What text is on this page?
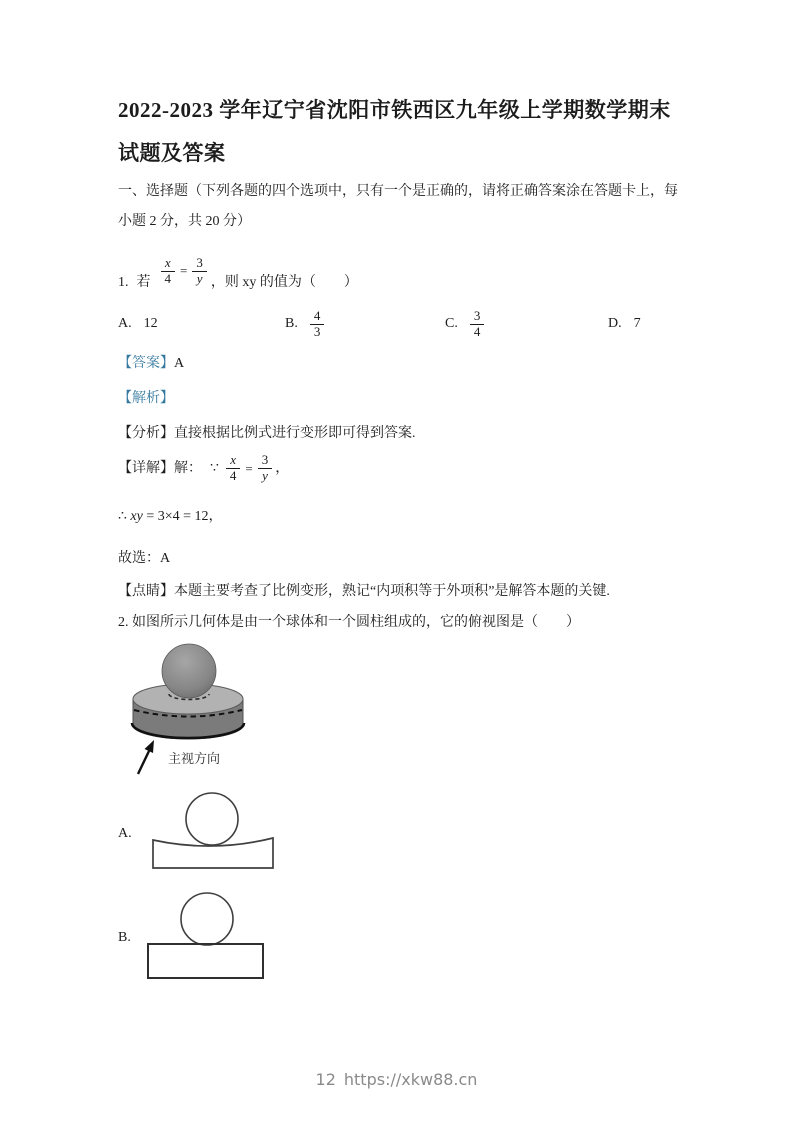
2022-2023 学年辽宁省沈阳市铁西区九年级上学期数学期末
试题及答案
一、选择题（下列各题的四个选项中，只有一个是正确的，请将正确答案涂在答题卡上，每
小题 2 分，共 20 分）
1. 若 $\frac{x}{4} = \frac{3}{y}$ ，则 xy 的值为（　　）
A. 12	B. $\frac{4}{3}$	C. $\frac{3}{4}$	D. 7
【答案】A
【解析】
【分析】直接根据比例式进行变形即可得到答案.
【详解】 解： ∵ $\frac{x}{4} = \frac{3}{y}$ ，
∴ xy = 3×4 = 12，
故选：A
【点睛】本题主要考查了比例变形，熟记“内项积等于外项积”是解答本题的关键.
2. 如图所示几何体是由一个球体和一个圆柱组成的，它的俯视图是（　　）
主视方向
A.
B.
12 https://xkw88.cn
